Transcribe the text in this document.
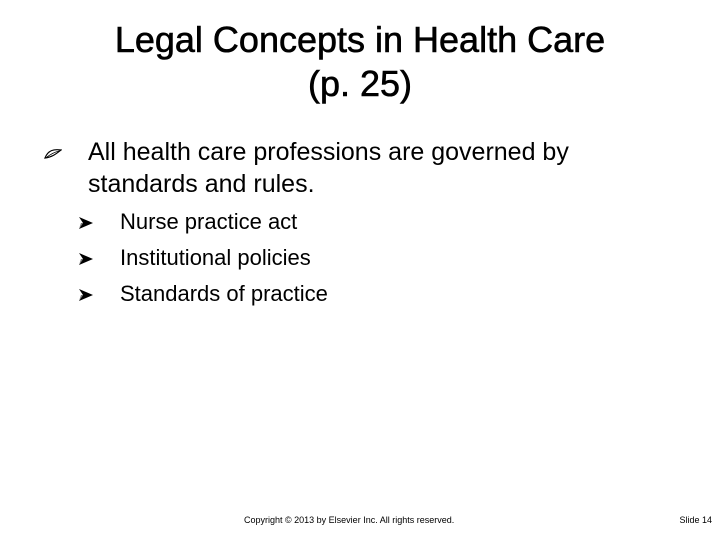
Legal Concepts in Health Care
(p. 25)
All health care professions are governed by standards and rules.
Nurse practice act
Institutional policies
Standards of practice
Copyright © 2013 by Elsevier Inc. All rights reserved.	Slide 14
